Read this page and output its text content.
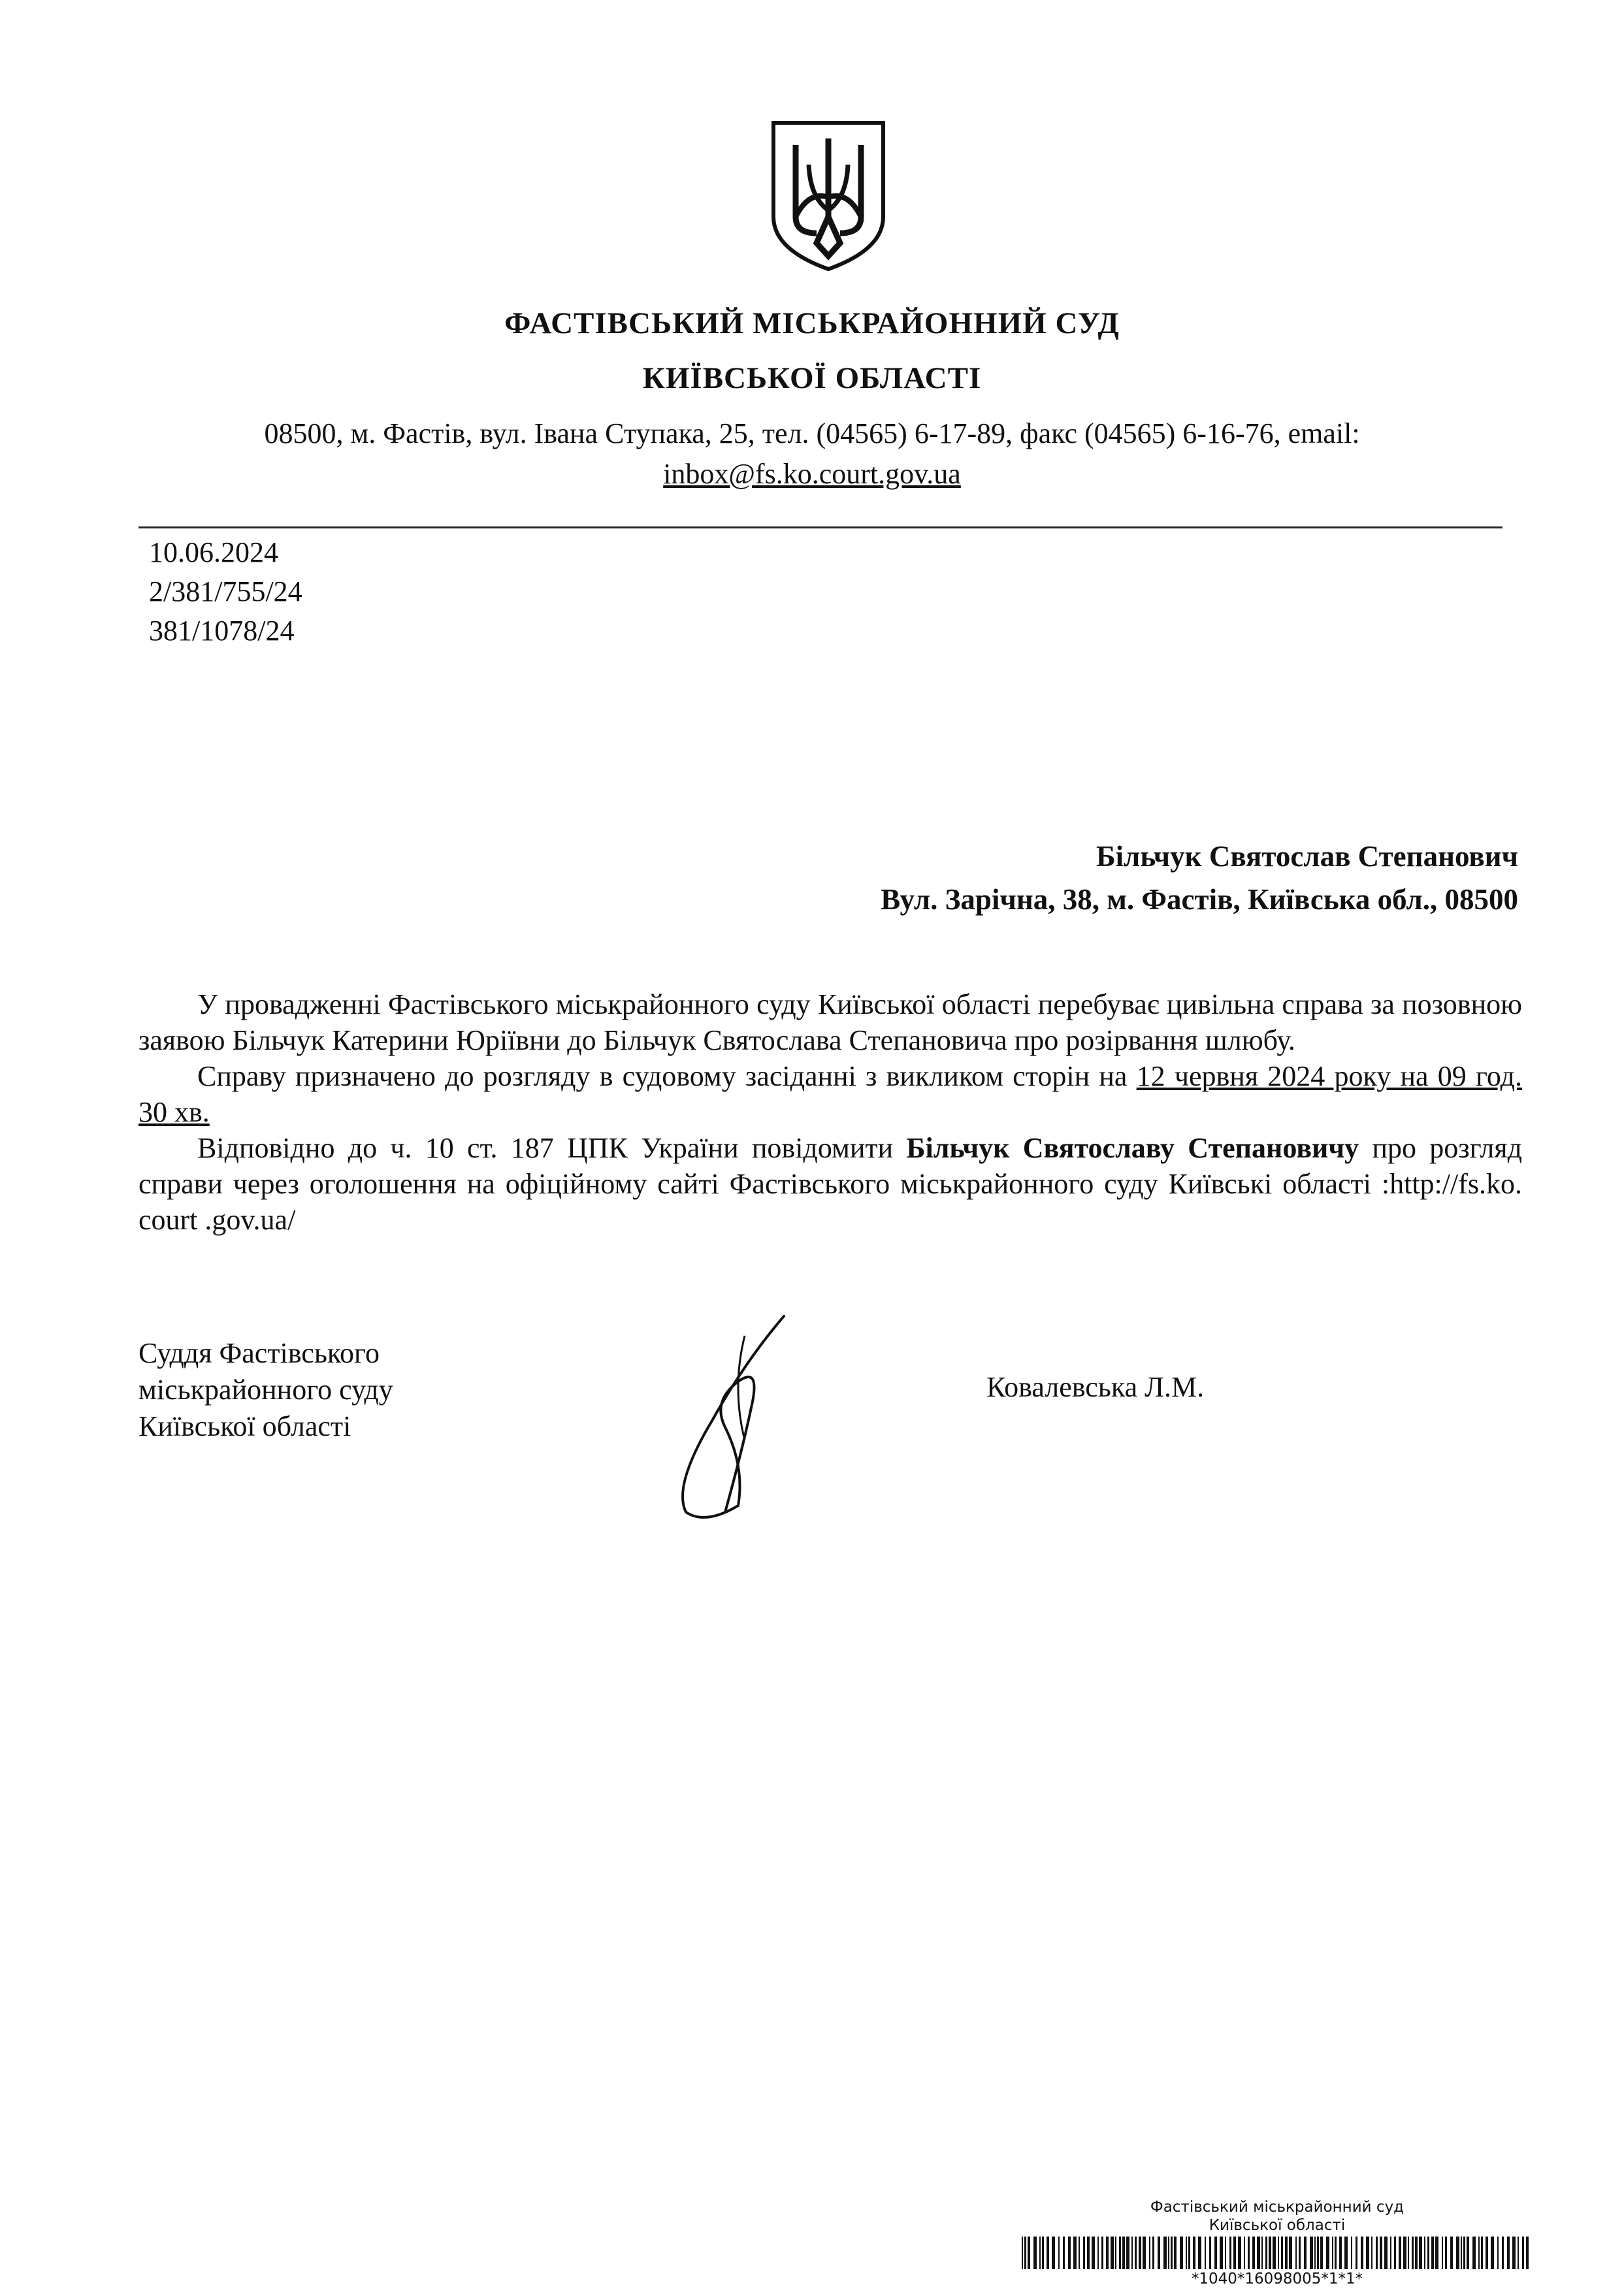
ФАСТІВСЬКИЙ МІСЬКРАЙОННИЙ СУД
КИЇВСЬКОЇ ОБЛАСТІ
08500, м. Фастів, вул. Івана Ступака, 25, тел. (04565) 6-17-89, факс (04565) 6-16-76, email:
inbox@fs.ko.court.gov.ua
10.06.2024
2/381/755/24
381/1078/24
Більчук Святослав Степанович
Вул. Зарічна, 38, м. Фастів, Київська обл., 08500
У провадженні Фастівського міськрайонного суду Київської області перебуває цивільна справа за позовною заявою Більчук Катерини Юріївни до Більчук Святослава Степановича про розірвання шлюбу.
Справу призначено до розгляду в судовому засіданні з викликом сторін на 12 червня 2024 року на 09 год. 30 хв.
Відповідно до ч. 10 ст. 187 ЦПК України повідомити Більчук Святославу Степановичу про розгляд справи через оголошення на офіційному сайті Фастівського міськрайонного суду Київські області :http://fs.ko. court .gov.ua/
Суддя Фастівського
міськрайонного суду
Київської області
Ковалевська Л.М.
Фастівський міськрайонний суд
Київської області
*1040*16098005*1*1*
